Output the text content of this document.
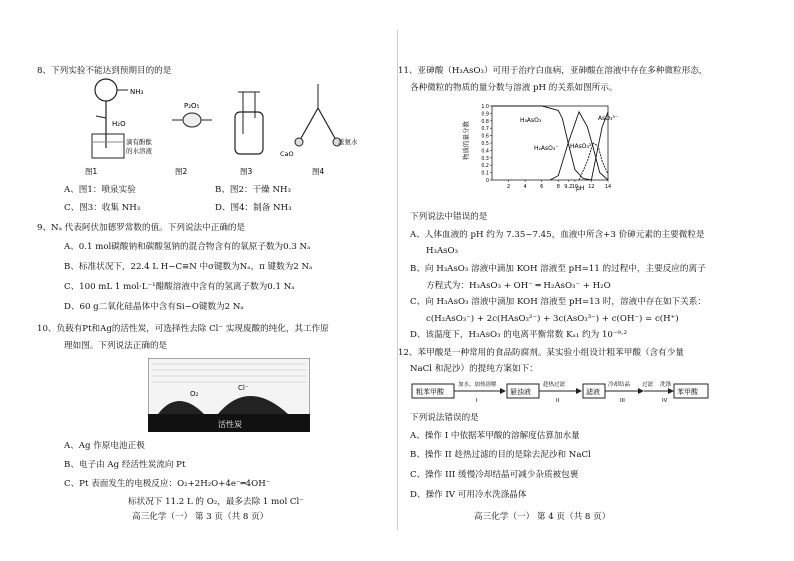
8、下列实验不能达到预期目的的是
NH₃
H₂O
滴有酚酞
的水溶液
P₂O₅
CaO
浓氨水
图1	图2	图3	图4
A、图1：喷泉实验	B、图2：干燥 NH₃
C、图3：收集 NH₃	D、图4：制备 NH₃
9、Nₐ 代表阿伏加德罗常数的值。下列说法中正确的是
A、0.1 mol碳酸钠和碳酸氢钠的混合物含有的氧原子数为0.3 Nₐ
B、标准状况下，22.4 L H−C≡N 中σ键数为Nₐ，π 键数为2 Nₐ
C、100 mL 1 mol·L⁻¹醋酸溶液中含有的氢离子数为0.1 Nₐ
D、60 g二氧化硅晶体中含有Si−O键数为2 Nₐ
10、负载有Pt和Ag的活性炭，可选择性去除 Cl⁻ 实现废酸的纯化，其工作原
理如图。下列说法正确的是
O₂
Cl⁻
活性炭
A、Ag 作原电池正极
B、电子由 Ag 经活性炭流向 Pt
C、Pt 表面发生的电极反应：O₂+2H₂O+4e⁻═4OH⁻
标状况下 11.2 L 的 O₂，最多去除 1 mol Cl⁻
高三化学（一） 第 3 页（共 8 页）
11、亚砷酸（H₃AsO₃）可用于治疗白血病，亚砷酸在溶液中存在多种微粒形态，
各种微粒的物质的量分数与溶液 pH 的关系如图所示。
物质的量分数
0
0.1
0.2
0.3
0.4
0.5
0.6
0.7
0.8
0.9
1.0
2	4	6	8 9.2 10 12 14
pH
H₃AsO₃
H₂AsO₃⁻ HAsO₃²⁻
AsO₃³⁻
下列说法中错误的是
A、人体血液的 pH 约为 7.35~7.45，血液中所含+3 价砷元素的主要微粒是
H₃AsO₃
B、向 H₃AsO₃ 溶液中滴加 KOH 溶液至 pH=11 的过程中，主要反应的离子
方程式为：H₃AsO₃ + OH⁻ ═ H₂AsO₃⁻ + H₂O
C、向 H₃AsO₃ 溶液中滴加 KOH 溶液至 pH=13 时，溶液中存在如下关系：
c(H₂AsO₃⁻) + 2c(HAsO₃²⁻) + 3c(AsO₃³⁻) + c(OH⁻) = c(H⁺)
D、该温度下，H₃AsO₃ 的电离平衡常数 Kₐ₁ 约为 10⁻⁹·²
12、苯甲酸是一种常用的食品防腐剂。某实验小组设计粗苯甲酸（含有少量
NaCl 和泥沙）的提纯方案如下：
粗苯甲酸
加水、加热溶解
I
悬浊液
趁热过滤
II
滤液
冷却结晶
III
过滤 洗涤
IV
苯甲酸
下列说法错误的是
A、操作 I 中依据苯甲酸的溶解度估算加水量
B、操作 II 趁热过滤的目的是除去泥沙和 NaCl
C、操作 III 缓慢冷却结晶可减少杂质被包裹
D、操作 IV 可用冷水洗涤晶体
高三化学（一） 第 4 页（共 8 页）
